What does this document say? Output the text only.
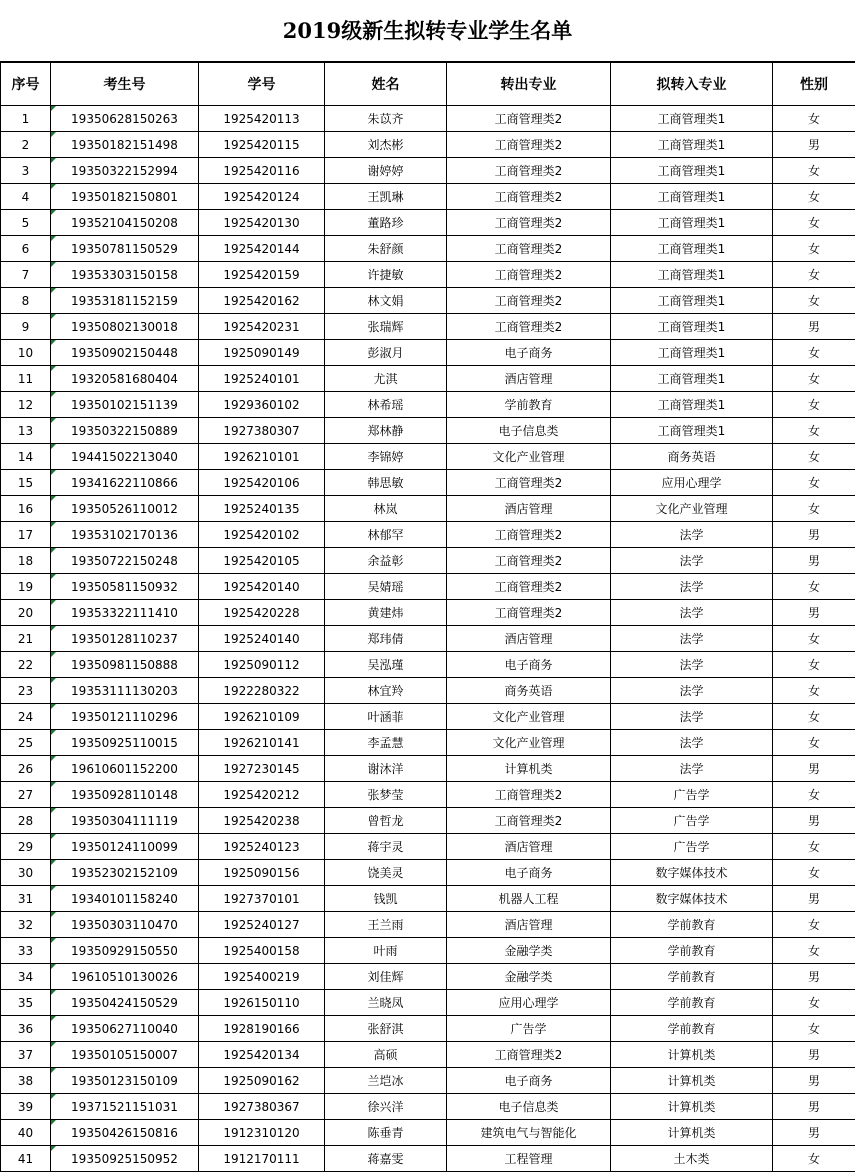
2019级新生拟转专业学生名单
序号	考生号	学号	姓名	转出专业	拟转入专业	性别
1	19350628150263	1925420113	朱苡齐	工商管理类2	工商管理类1	女
2	19350182151498	1925420115	刘杰彬	工商管理类2	工商管理类1	男
3	19350322152994	1925420116	谢婷婷	工商管理类2	工商管理类1	女
4	19350182150801	1925420124	王凯琳	工商管理类2	工商管理类1	女
5	19352104150208	1925420130	董路珍	工商管理类2	工商管理类1	女
6	19350781150529	1925420144	朱舒颜	工商管理类2	工商管理类1	女
7	19353303150158	1925420159	许捷敏	工商管理类2	工商管理类1	女
8	19353181152159	1925420162	林文娟	工商管理类2	工商管理类1	女
9	19350802130018	1925420231	张瑞辉	工商管理类2	工商管理类1	男
10	19350902150448	1925090149	彭淑月	电子商务	工商管理类1	女
11	19320581680404	1925240101	尤淇	酒店管理	工商管理类1	女
12	19350102151139	1929360102	林希瑶	学前教育	工商管理类1	女
13	19350322150889	1927380307	郑林静	电子信息类	工商管理类1	女
14	19441502213040	1926210101	李锦婷	文化产业管理	商务英语	女
15	19341622110866	1925420106	韩思敏	工商管理类2	应用心理学	女
16	19350526110012	1925240135	林岚	酒店管理	文化产业管理	女
17	19353102170136	1925420102	林郁罕	工商管理类2	法学	男
18	19350722150248	1925420105	余益彰	工商管理类2	法学	男
19	19350581150932	1925420140	吴婧瑶	工商管理类2	法学	女
20	19353322111410	1925420228	黄建炜	工商管理类2	法学	男
21	19350128110237	1925240140	郑玮倩	酒店管理	法学	女
22	19350981150888	1925090112	吴泓瑾	电子商务	法学	女
23	19353111130203	1922280322	林宜羚	商务英语	法学	女
24	19350121110296	1926210109	叶涵菲	文化产业管理	法学	女
25	19350925110015	1926210141	李孟慧	文化产业管理	法学	女
26	19610601152200	1927230145	谢沐洋	计算机类	法学	男
27	19350928110148	1925420212	张梦莹	工商管理类2	广告学	女
28	19350304111119	1925420238	曾哲龙	工商管理类2	广告学	男
29	19350124110099	1925240123	蒋宇灵	酒店管理	广告学	女
30	19352302152109	1925090156	饶美灵	电子商务	数字媒体技术	女
31	19340101158240	1927370101	钱凯	机器人工程	数字媒体技术	男
32	19350303110470	1925240127	王兰雨	酒店管理	学前教育	女
33	19350929150550	1925400158	叶雨	金融学类	学前教育	女
34	19610510130026	1925400219	刘佳辉	金融学类	学前教育	男
35	19350424150529	1926150110	兰晓凤	应用心理学	学前教育	女
36	19350627110040	1928190166	张舒淇	广告学	学前教育	女
37	19350105150007	1925420134	高硕	工商管理类2	计算机类	男
38	19350123150109	1925090162	兰垲冰	电子商务	计算机类	男
39	19371521151031	1927380367	徐兴洋	电子信息类	计算机类	男
40	19350426150816	1912310120	陈垂青	建筑电气与智能化	计算机类	男
41	19350925150952	1912170111	蒋嘉雯	工程管理	土木类	女
